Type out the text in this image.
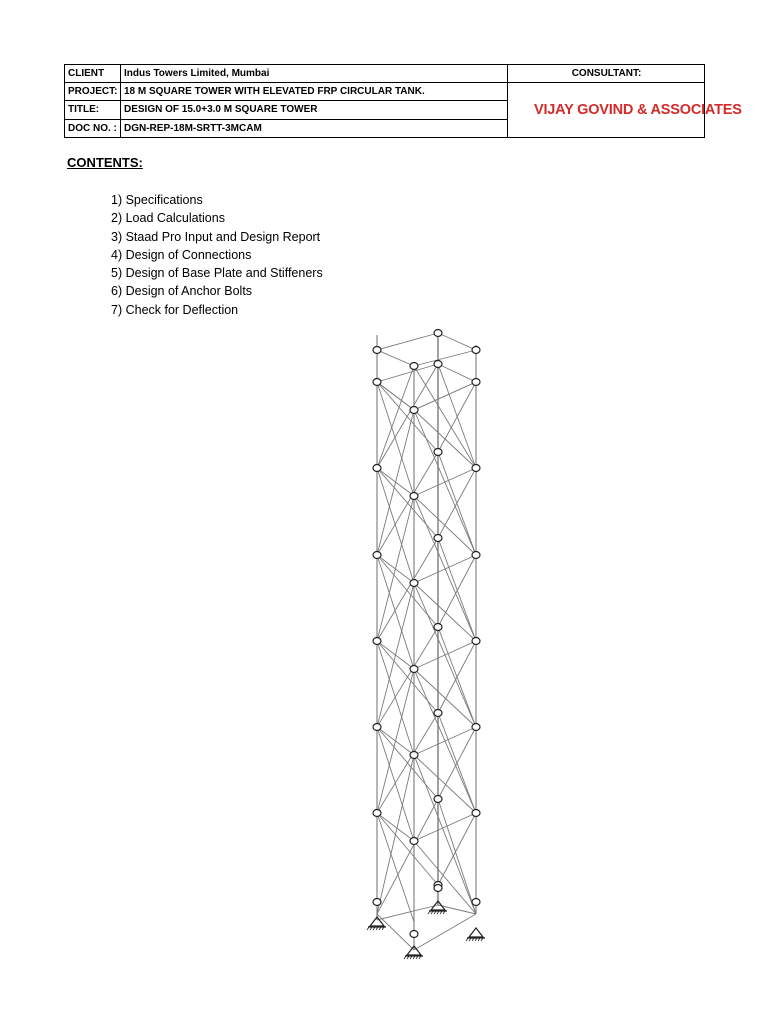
CLIENT	Indus Towers Limited, Mumbai	CONSULTANT:
PROJECT:	18 M SQUARE TOWER WITH ELEVATED FRP CIRCULAR TANK.	VIJAY GOVIND & ASSOCIATES

TITLE:	DESIGN OF 15.0+3.0 M SQUARE TOWER	
DOC NO. :	DGN-REP-18M-SRTT-3MCAM	
CONTENTS:
1) Specifications
2) Load Calculations
3) Staad Pro Input and Design Report
4) Design of Connections
5) Design of Base Plate and Stiffeners
6) Design of Anchor Bolts
7) Check for Deflection
